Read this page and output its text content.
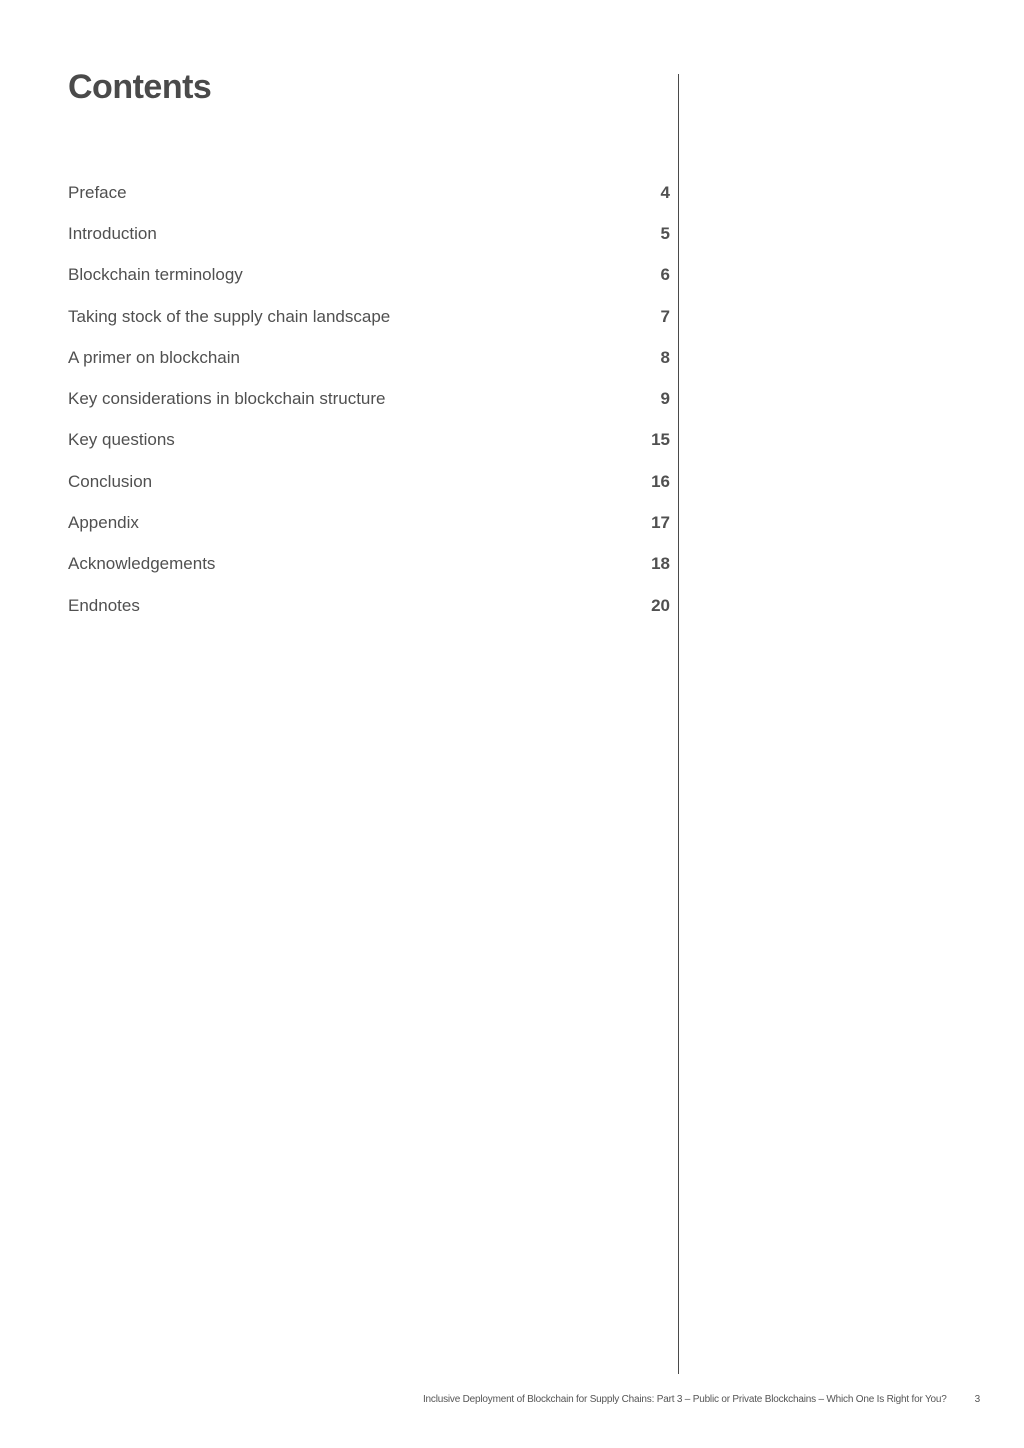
Contents
Preface	4
Introduction	5
Blockchain terminology	6
Taking stock of the supply chain landscape	7
A primer on blockchain	8
Key considerations in blockchain structure	9
Key questions	15
Conclusion	16
Appendix	17
Acknowledgements	18
Endnotes	20
Inclusive Deployment of Blockchain for Supply Chains: Part 3 – Public or Private Blockchains – Which One Is Right for You?	3
